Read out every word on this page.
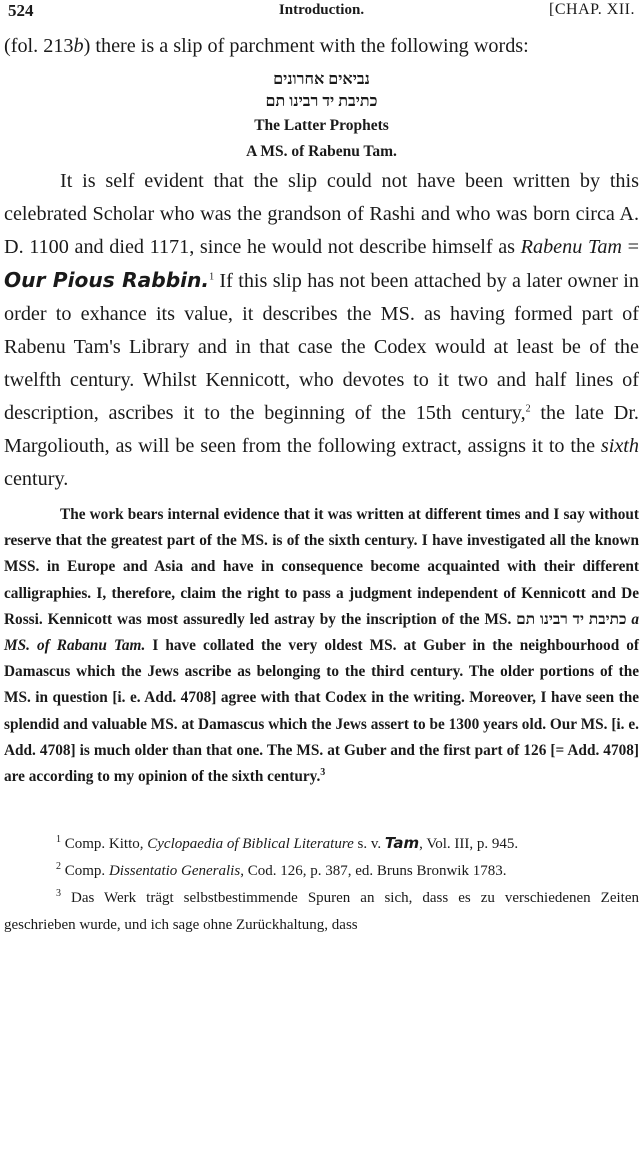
524	Introduction.	[CHAP. XII.

(fol. 213b) there is a slip of parchment with the following words:

נביאים אחרונים

כתיבת יד רבינו תם

The Latter Prophets

A MS. of Rabenu Tam.

It is self evident that the slip could not have been written by this celebrated Scholar who was the grandson of Rashi and who was born circa A. D. 1100 and died 1171, since he would not describe himself as Rabenu Tam = Our Pious Rabbin.$^1$ If this slip has not been attached by a later owner in order to exhance its value, it describes the MS. as having formed part of Rabenu Tam's Library and in that case the Codex would at least be of the twelfth century. Whilst Kennicott, who devotes to it two and half lines of description, ascribes it to the beginning of the 15th century,$^2$ the late Dr. Margoliouth, as will be seen from the following extract, assigns it to the sixth century.

The work bears internal evidence that it was written at different times and I say without reserve that the greatest part of the MS. is of the sixth century. I have investigated all the known MSS. in Europe and Asia and have in consequence become acquainted with their different calligraphies. I, therefore, claim the right to pass a judgment independent of Kennicott and De Rossi. Kennicott was most assuredly led astray by the inscription of the MS. כתיבת יד רבינו תם a MS. of Rabanu Tam. I have collated the very oldest MS. at Guber in the neighbourhood of Damascus which the Jews ascribe as belonging to the third century. The older portions of the MS. in question [i. e. Add. 4708] agree with that Codex in the writing. Moreover, I have seen the splendid and valuable MS. at Damascus which the Jews assert to be 1300 years old. Our MS. [i. e. Add. 4708] is much older than that one. The MS. at Guber and the first part of 126 [= Add. 4708] are according to my opinion of the sixth century.$^3$

$^1$ Comp. Kitto, Cyclopaedia of Biblical Literature s. v. Tam, Vol. III, p. 945.

$^2$ Comp. Dissentatio Generalis, Cod. 126, p. 387, ed. Bruns Bronwik 1783.

$^3$ Das Werk trägt selbstbestimmende Spuren an sich, dass es zu verschiedenen Zeiten geschrieben wurde, und ich sage ohne Zurückhaltung, dass
